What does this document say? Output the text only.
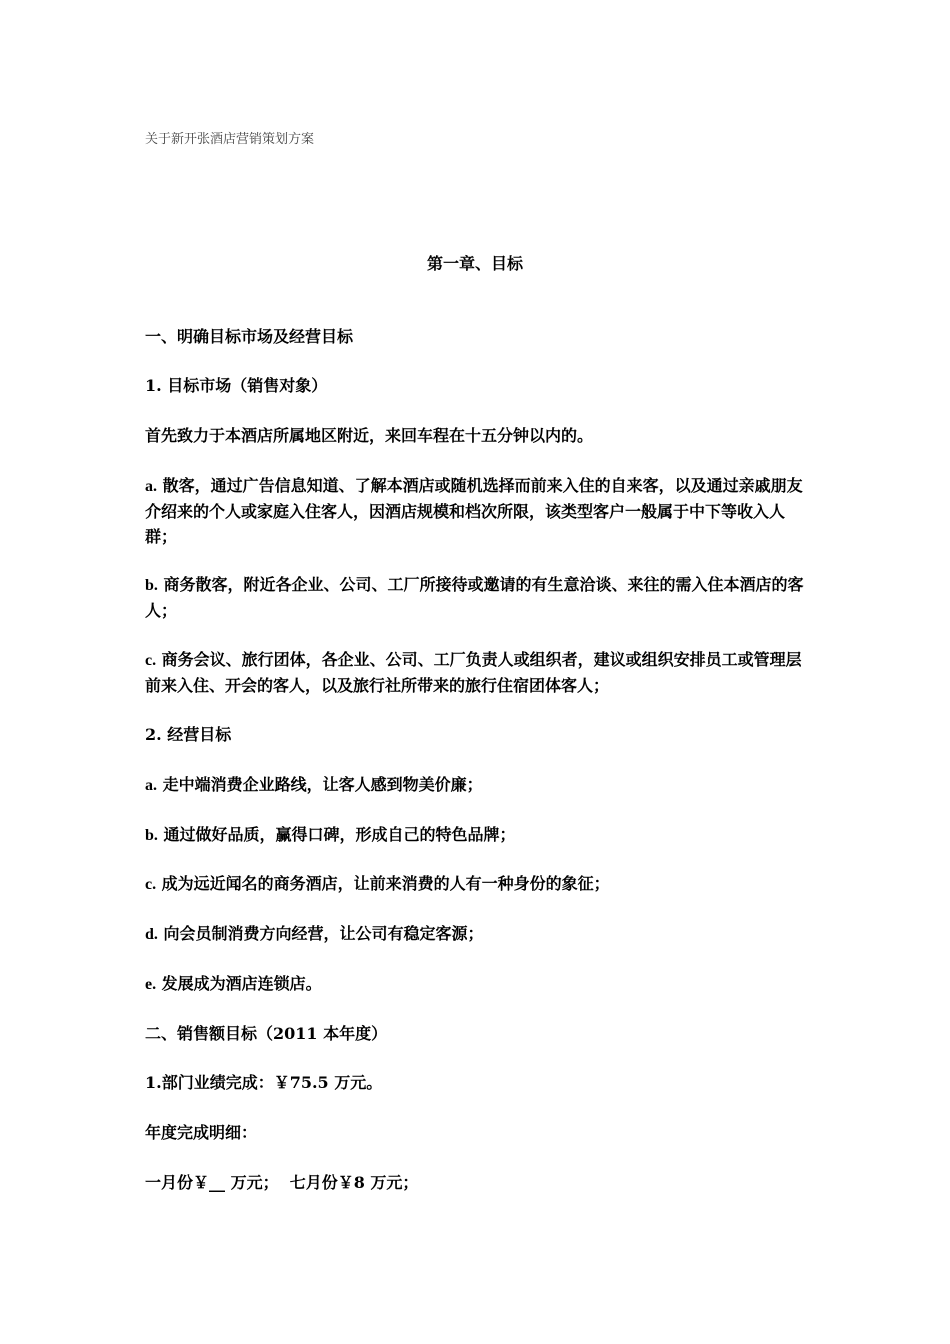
关于新开张酒店营销策划方案
第一章、目标
一、明确目标市场及经营目标
1. 目标市场（销售对象）
首先致力于本酒店所属地区附近，来回车程在十五分钟以内的。
a. 散客，通过广告信息知道、了解本酒店或随机选择而前来入住的自来客，以及通过亲戚朋友介绍来的个人或家庭入住客人，因酒店规模和档次所限，该类型客户一般属于中下等收入人群；
b. 商务散客，附近各企业、公司、工厂所接待或邀请的有生意洽谈、来往的需入住本酒店的客人；
c. 商务会议、旅行团体，各企业、公司、工厂负责人或组织者，建议或组织安排员工或管理层前来入住、开会的客人，以及旅行社所带来的旅行住宿团体客人；
2. 经营目标
a. 走中端消费企业路线，让客人感到物美价廉；
b. 通过做好品质，赢得口碑，形成自己的特色品牌；
c. 成为远近闻名的商务酒店，让前来消费的人有一种身份的象征；
d. 向会员制消费方向经营，让公司有稳定客源；
e. 发展成为酒店连锁店。
二、销售额目标（2011 本年度）
1.部门业绩完成：￥75.5 万元。
年度完成明细：
一月份￥__ 万元；  七月份￥8 万元；
